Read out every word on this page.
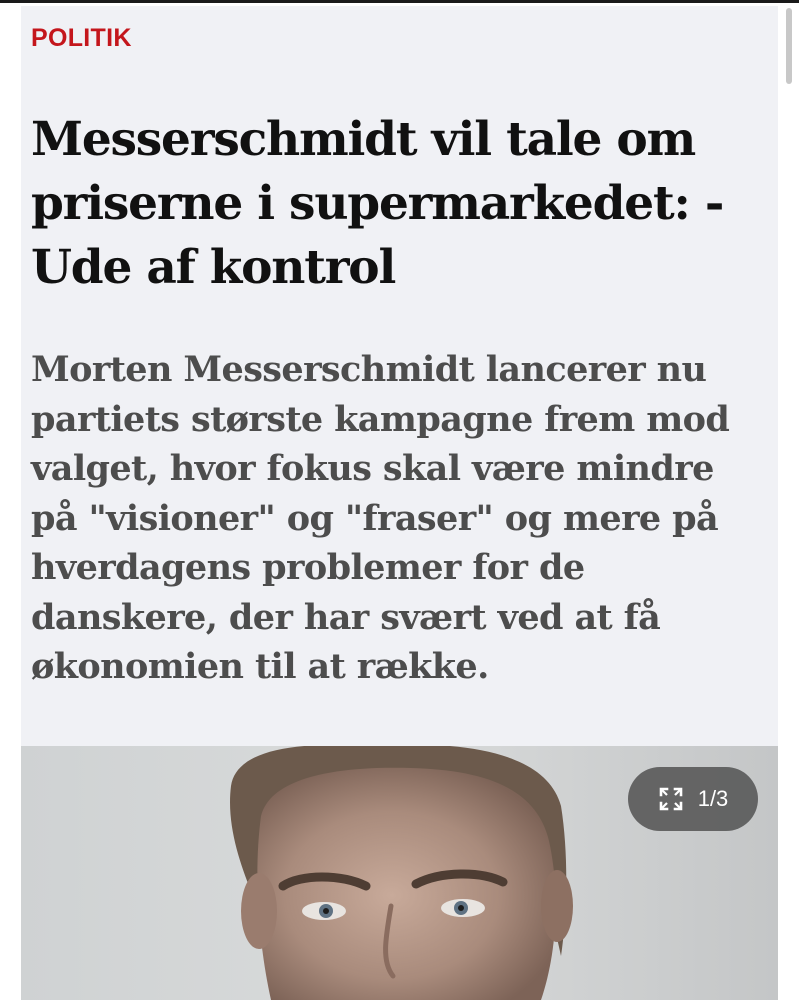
POLITIK
Messerschmidt vil tale om priserne i supermarkedet: - Ude af kontrol

Morten Messerschmidt lancerer nu partiets største kampagne frem mod valget, hvor fokus skal være mindre på "visioner" og "fraser" og mere på hverdagens problemer for de danskere, der har svært ved at få økonomien til at række.

1/3
